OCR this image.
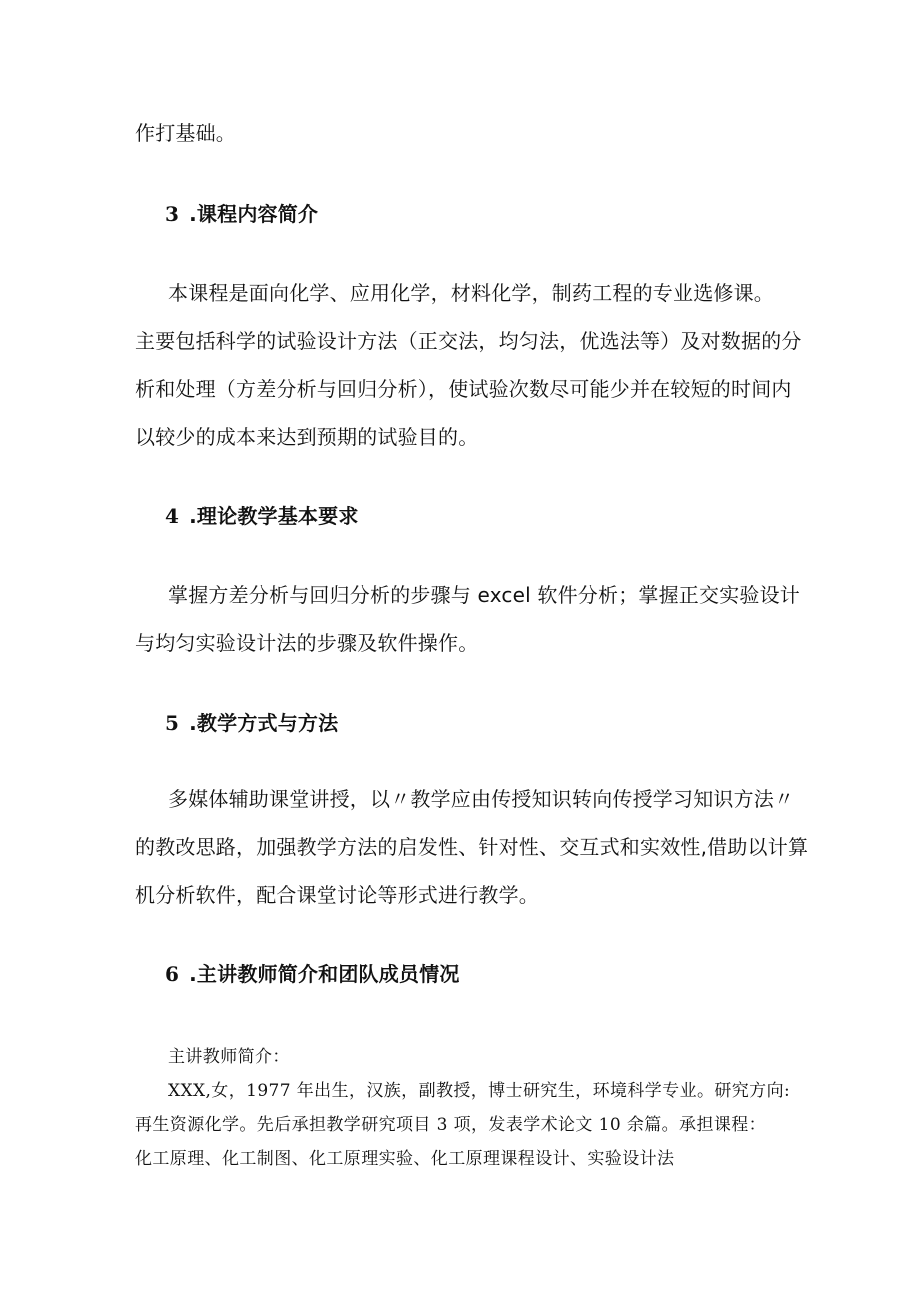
作打基础。
3 .课程内容简介
本课程是面向化学、应用化学，材料化学，制药工程的专业选修课。
主要包括科学的试验设计方法（正交法，均匀法，优选法等）及对数据的分
析和处理（方差分析与回归分析），使试验次数尽可能少并在较短的时间内
以较少的成本来达到预期的试验目的。
4 .理论教学基本要求
掌握方差分析与回归分析的步骤与 excel 软件分析；掌握正交实验设计
与均匀实验设计法的步骤及软件操作。
5 .教学方式与方法
多媒体辅助课堂讲授，以〃教学应由传授知识转向传授学习知识方法〃
的教改思路，加强教学方法的启发性、针对性、交互式和实效性,借助以计算
机分析软件，配合课堂讨论等形式进行教学。
6 .主讲教师简介和团队成员情况
主讲教师简介：
XXX,女，1977 年出生，汉族，副教授，博士研究生，环境科学专业。研究方向:
再生资源化学。先后承担教学研究项目 3 项，发表学术论文 10 余篇。承担课程：
化工原理、化工制图、化工原理实验、化工原理课程设计、实验设计法
